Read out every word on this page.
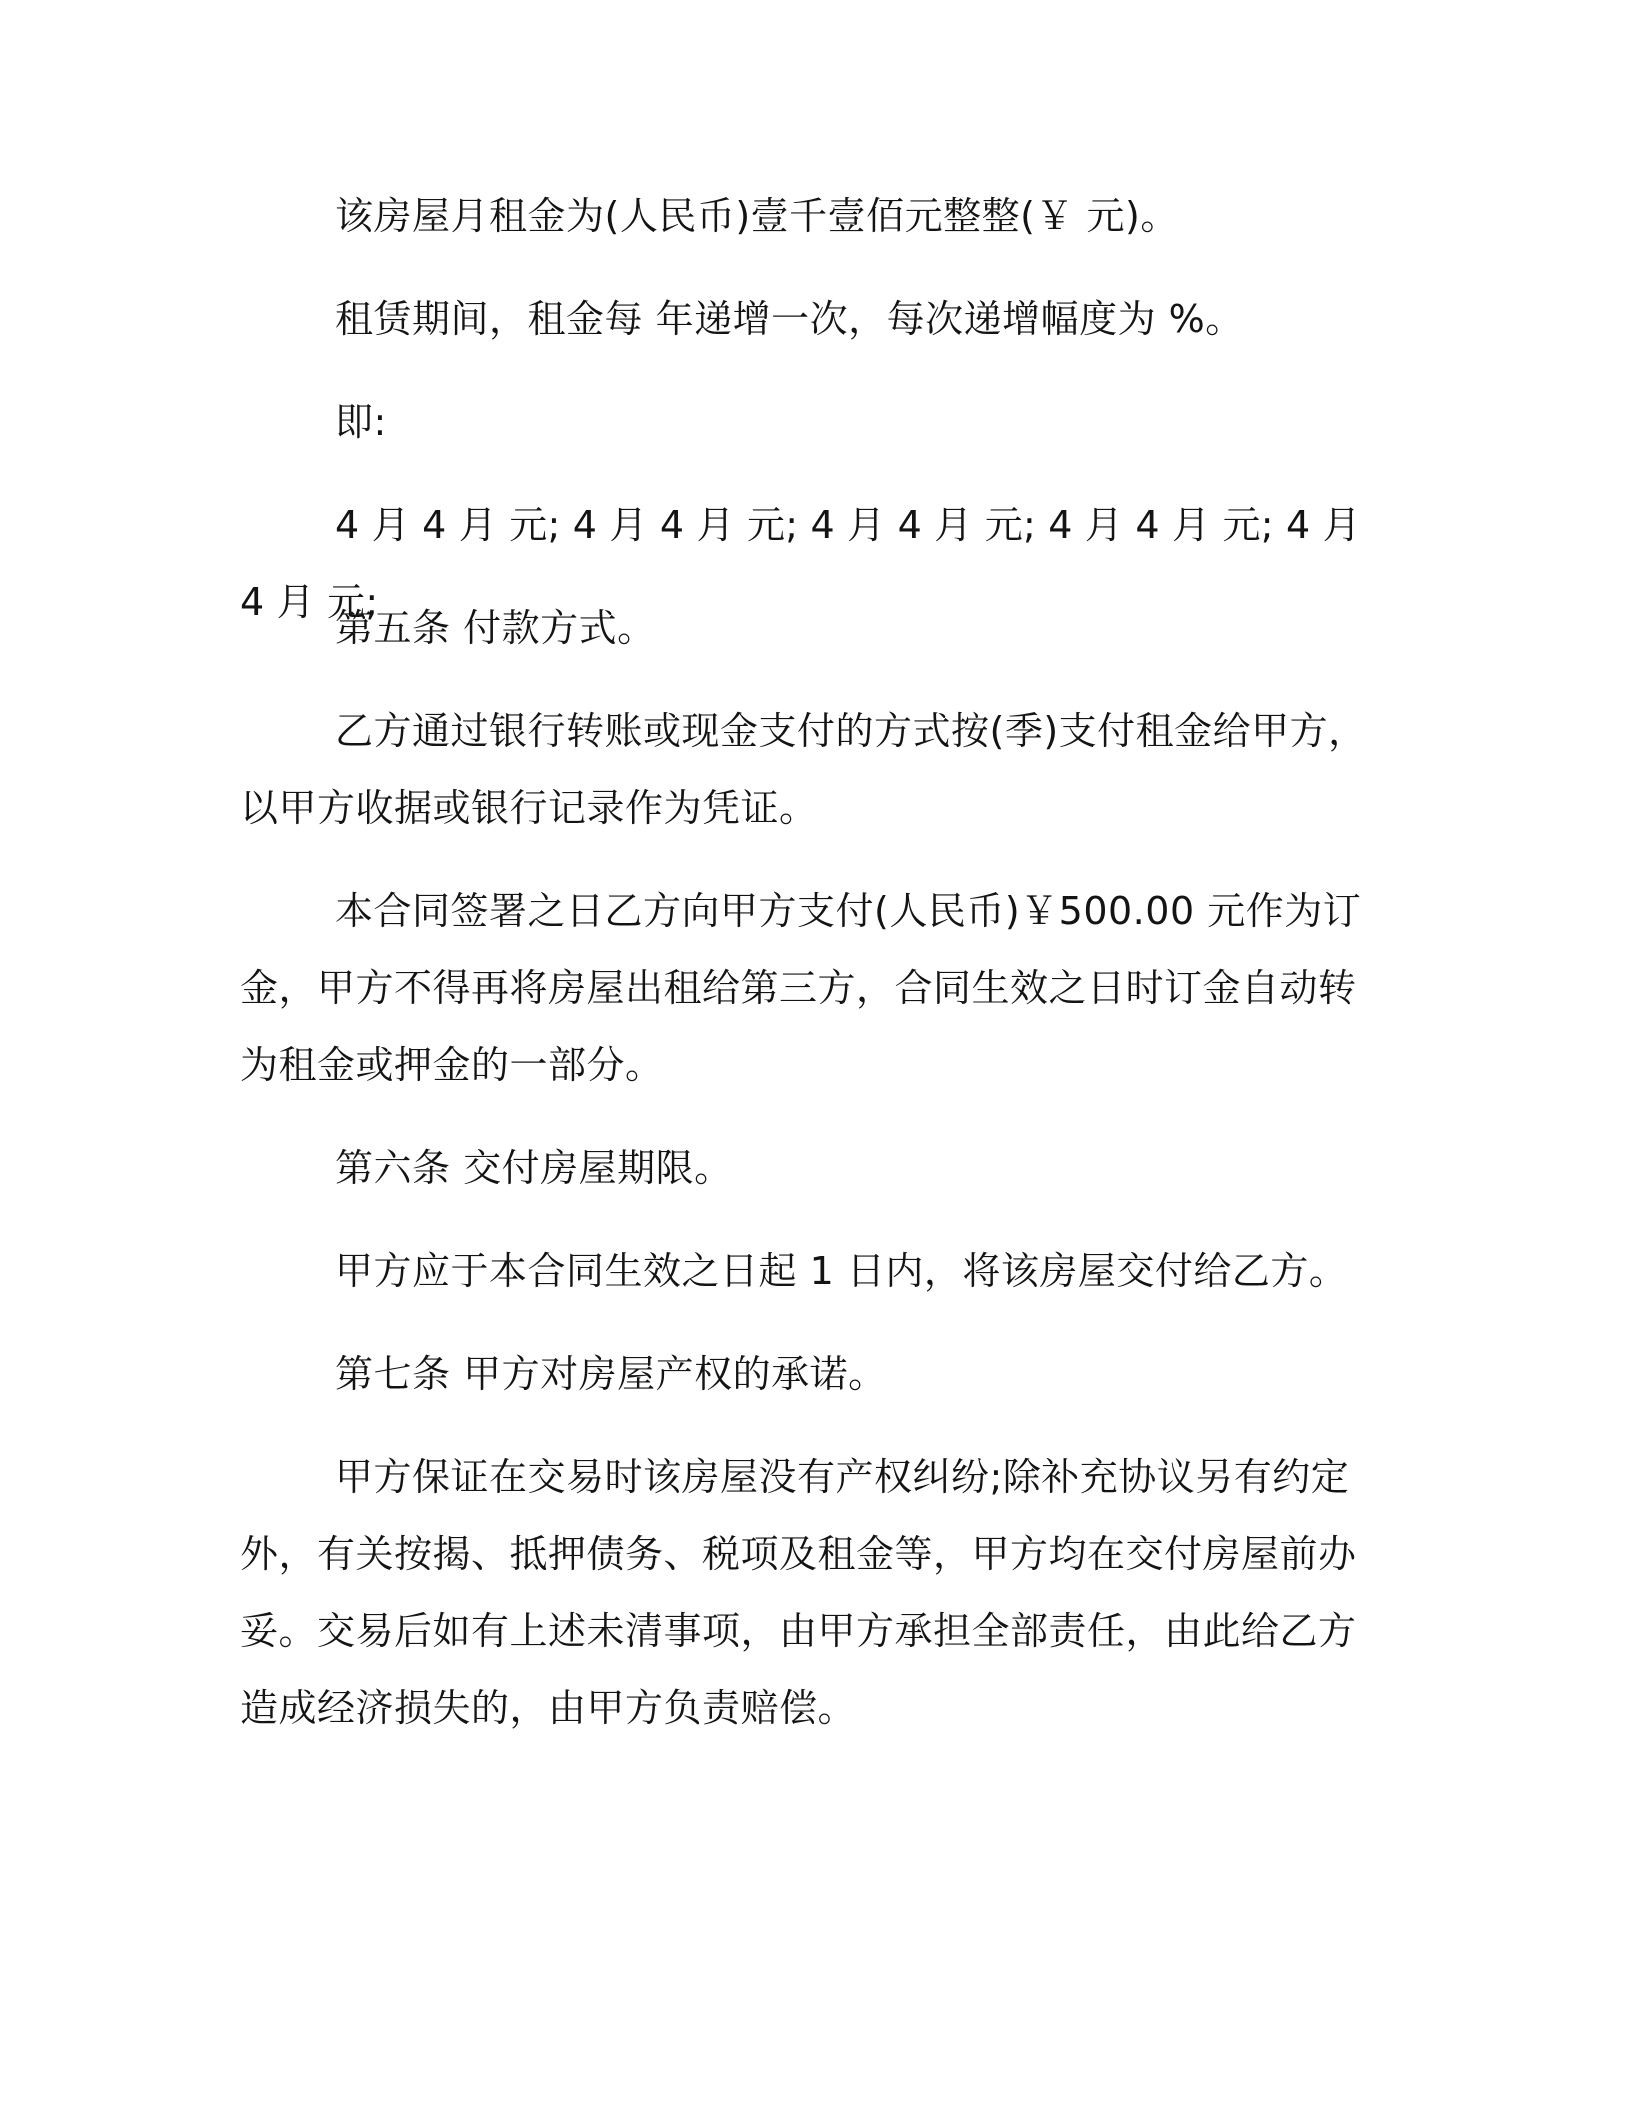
该房屋月租金为(人民币)壹千壹佰元整整(￥ 元)。

租赁期间，租金每 年递增一次，每次递增幅度为 %。

即:

4 月 4 月 元; 4 月 4 月 元; 4 月 4 月 元; 4 月 4 月 元; 4 月 4 月 元;

第五条 付款方式。

乙方通过银行转账或现金支付的方式按(季)支付租金给甲方，以甲方收据或银行记录作为凭证。

本合同签署之日乙方向甲方支付(人民币)￥500.00 元作为订金，甲方不得再将房屋出租给第三方，合同生效之日时订金自动转为租金或押金的一部分。

第六条 交付房屋期限。

甲方应于本合同生效之日起 1 日内，将该房屋交付给乙方。

第七条 甲方对房屋产权的承诺。

甲方保证在交易时该房屋没有产权纠纷;除补充协议另有约定外，有关按揭、抵押债务、税项及租金等，甲方均在交付房屋前办妥。交易后如有上述未清事项，由甲方承担全部责任，由此给乙方造成经济损失的，由甲方负责赔偿。
